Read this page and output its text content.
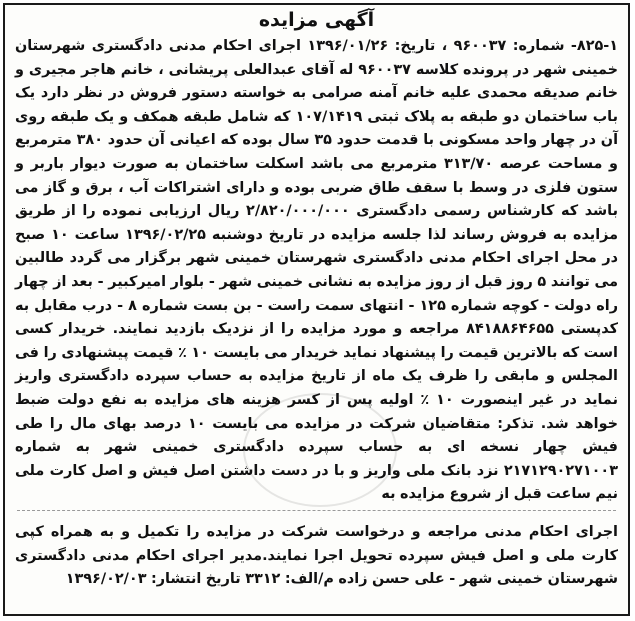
آگهی مزایده

۸۲۵-۱- شماره: ۹۶۰۰۳۷ ، تاریخ: ۱۳۹۶/۰۱/۲۶ اجرای احکام مدنی دادگستری شهرستان خمینی شهر در پرونده کلاسه ۹۶۰۰۳۷ له آقای عبدالعلی پریشانی ، خانم هاجر مجیری و خانم صدیقه محمدی علیه خانم آمنه صرامی به خواسته دستور فروش در نظر دارد یک باب ساختمان دو طبقه به پلاک ثبتی ۱۰۷/۱۴۱۹ که شامل طبقه همکف و یک طبقه روی آن در چهار واحد مسکونی با قدمت حدود ۳۵ سال بوده که اعیانی آن حدود ۳۸۰ مترمربع و مساحت عرصه ۳۱۳/۷۰ مترمربع می باشد اسکلت ساختمان به صورت دیوار باربر و ستون فلزی در وسط با سقف طاق ضربی بوده و دارای اشتراکات آب ، برق و گاز می باشد که کارشناس رسمی دادگستری ۲/۸۲۰/۰۰۰/۰۰۰ ریال ارزیابی نموده را از طریق مزایده به فروش رساند لذا جلسه مزایده در تاریخ دوشنبه ۱۳۹۶/۰۲/۲۵ ساعت ۱۰ صبح در محل اجرای احکام مدنی دادگستری شهرستان خمینی شهر برگزار می گردد طالبین می توانند ۵ روز قبل از روز مزایده به نشانی خمینی شهر - بلوار امیرکبیر - بعد از چهار راه دولت - کوچه شماره ۱۲۵ - انتهای سمت راست - بن بست شماره ۸ - درب مقابل به کدپستی ۸۴۱۸۸۶۴۶۵۵ مراجعه و مورد مزایده را از نزدیک بازدید نمایند. خریدار کسی است که بالاترین قیمت را پیشنهاد نماید خریدار می بایست ۱۰ ٪ قیمت پیشنهادی را فی المجلس و مابقی را ظرف یک ماه از تاریخ مزایده به حساب سپرده دادگستری واریز نماید در غیر اینصورت ۱۰ ٪ اولیه پس از کسر هزینه های مزایده به نفع دولت ضبط خواهد شد. تذکر: متقاضیان شرکت در مزایده می بایست ۱۰ درصد بهای مال را طی فیش چهار نسخه ای به حساب سپرده دادگستری خمینی شهر به شماره ۲۱۷۱۲۹۰۲۷۱۰۰۳ نزد بانک ملی واریز و با در دست داشتن اصل فیش و اصل کارت ملی نیم ساعت قبل از شروع مزایده به

اجرای احکام مدنی مراجعه و درخواست شرکت در مزایده را تکمیل و به همراه کپی کارت ملی و اصل فیش سپرده تحویل اجرا نمایند.مدیر اجرای احکام مدنی دادگستری شهرستان خمینی شهر - علی حسن زاده م/الف: ۳۳۱۲ تاریخ انتشار: ۱۳۹۶/۰۲/۰۳
